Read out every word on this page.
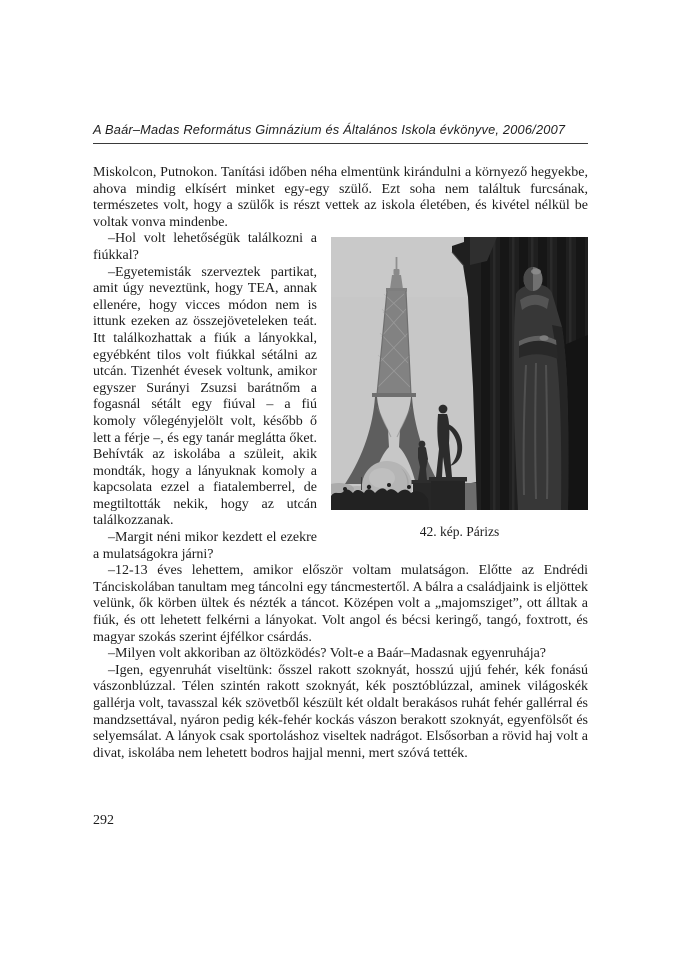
A Baár–Madas Református Gimnázium és Általános Iskola évkönyve, 2006/2007

Miskolcon, Putnokon. Tanítási időben néha elmentünk kirándulni a környező hegyekbe, ahova mindig elkísért minket egy-egy szülő. Ezt soha nem találtuk furcsának, természetes volt, hogy a szülők is részt vettek az iskola életében, és kivétel nélkül be voltak vonva mindenbe.

–Hol volt lehetőségük találkozni a fiúkkal?

–Egyetemisták szerveztek partikat, amit úgy neveztünk, hogy TEA, annak ellenére, hogy vicces módon nem is ittunk ezeken az összejöveteleken teát. Itt találkozhattak a fiúk a lányokkal, egyébként tilos volt fiúkkal sétálni az utcán. Tizenhét évesek voltunk, amikor egyszer Surányi Zsuzsi barátnőm a fogasnál sétált egy fiúval – a fiú komoly vőlegényjelölt volt, később ő lett a férje –, és egy tanár meglátta őket. Behívták az iskolába a szüleit, akik mondták, hogy a lányuknak komoly a kapcsolata ezzel a fiatalemberrel, de megtiltották nekik, hogy az utcán találkozzanak.

–Margit néni mikor kezdett el ezekre a mulatságokra járni?

42. kép. Párizs

–12-13 éves lehettem, amikor először voltam mulatságon. Előtte az Endrédi Tánciskolában tanultam meg táncolni egy táncmestertől. A bálra a családjaink is eljöttek velünk, ők körben ültek és nézték a táncot. Középen volt a „majomsziget”, ott álltak a fiúk, és ott lehetett felkérni a lányokat. Volt angol és bécsi keringő, tangó, foxtrott, és magyar szokás szerint éjfélkor csárdás.

–Milyen volt akkoriban az öltözködés? Volt-e a Baár–Madasnak egyenruhája?

–Igen, egyenruhát viseltünk: ősszel rakott szoknyát, hosszú ujjú fehér, kék fonású vászonblúzzal. Télen szintén rakott szoknyát, kék posztóblúzzal, aminek világoskék gallérja volt, tavasszal kék szövetből készült két oldalt berakásos ruhát fehér gallérral és mandzsettával, nyáron pedig kék-fehér kockás vászon berakott szoknyát, egyenfölsőt és selyemsálat. A lányok csak sportoláshoz viseltek nadrágot. Elsősorban a rövid haj volt a divat, iskolába nem lehetett bodros hajjal menni, mert szóvá tették.

292
